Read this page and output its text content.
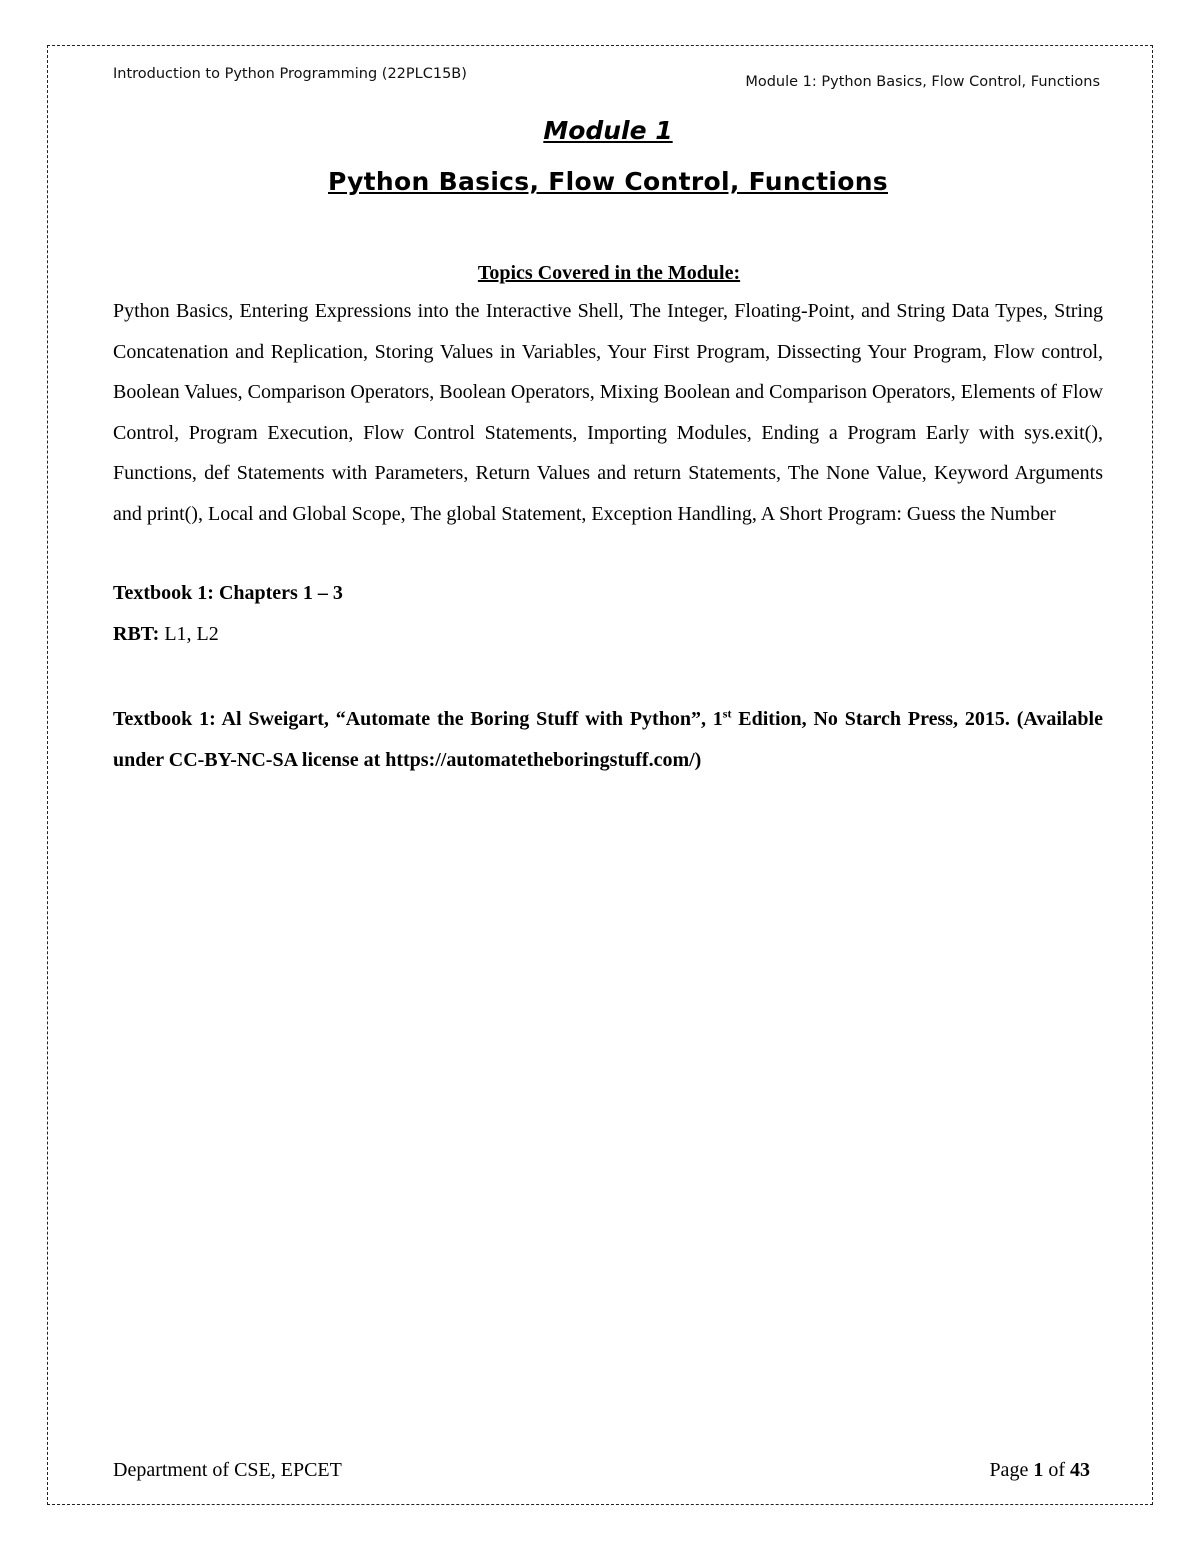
Introduction to Python Programming (22PLC15B)	Module 1: Python Basics, Flow Control, Functions
Module 1
Python Basics, Flow Control, Functions
Topics Covered in the Module:
Python Basics, Entering Expressions into the Interactive Shell, The Integer, Floating-Point, and String Data Types, String Concatenation and Replication, Storing Values in Variables, Your First Program, Dissecting Your Program, Flow control, Boolean Values, Comparison Operators, Boolean Operators, Mixing Boolean and Comparison Operators, Elements of Flow Control, Program Execution, Flow Control Statements, Importing Modules, Ending a Program Early with sys.exit(), Functions, def Statements with Parameters, Return Values and return Statements, The None Value, Keyword Arguments and print(), Local and Global Scope, The global Statement, Exception Handling, A Short Program: Guess the Number
Textbook 1: Chapters 1 – 3
RBT: L1, L2
Textbook 1: Al Sweigart, “Automate the Boring Stuff with Python”, 1st Edition, No Starch Press, 2015. (Available under CC-BY-NC-SA license at https://automatetheboringstuff.com/)
Department of CSE, EPCET	Page 1 of 43
